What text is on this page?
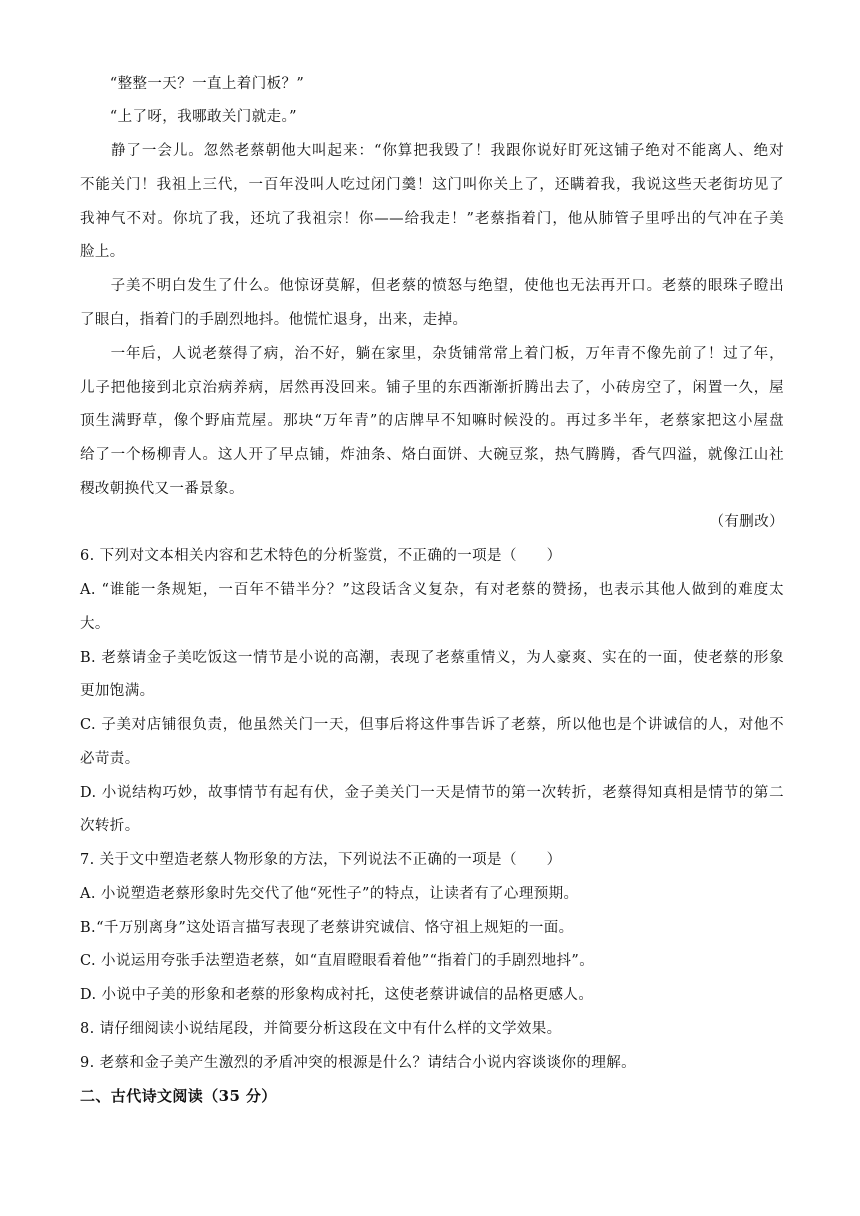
　　“整整一天？一直上着门板？”
　　“上了呀，我哪敢关门就走。”
　　静了一会儿。忽然老蔡朝他大叫起来：“你算把我毁了！我跟你说好盯死这铺子绝对不能离人、绝对
不能关门！我祖上三代，一百年没叫人吃过闭门羹！这门叫你关上了，还瞒着我，我说这些天老街坊见了
我神气不对。你坑了我，还坑了我祖宗！你——给我走！”老蔡指着门，他从肺管子里呼出的气冲在子美
脸上。
　　子美不明白发生了什么。他惊讶莫解，但老蔡的愤怒与绝望，使他也无法再开口。老蔡的眼珠子瞪出
了眼白，指着门的手剧烈地抖。他慌忙退身，出来，走掉。
　　一年后，人说老蔡得了病，治不好，躺在家里，杂货铺常常上着门板，万年青不像先前了！过了年，
儿子把他接到北京治病养病，居然再没回来。铺子里的东西渐渐折腾出去了，小砖房空了，闲置一久，屋
顶生满野草，像个野庙荒屋。那块“万年青”的店牌早不知嘛时候没的。再过多半年，老蔡家把这小屋盘
给了一个杨柳青人。这人开了早点铺，炸油条、烙白面饼、大碗豆浆，热气腾腾，香气四溢，就像江山社
稷改朝换代又一番景象。
（有删改）
6. 下列对文本相关内容和艺术特色的分析鉴赏，不正确的一项是（　　）
A. “谁能一条规矩，一百年不错半分？”这段话含义复杂，有对老蔡的赞扬，也表示其他人做到的难度太
大。
B. 老蔡请金子美吃饭这一情节是小说的高潮，表现了老蔡重情义，为人豪爽、实在的一面，使老蔡的形象
更加饱满。
C. 子美对店铺很负责，他虽然关门一天，但事后将这件事告诉了老蔡，所以他也是个讲诚信的人，对他不
必苛责。
D. 小说结构巧妙，故事情节有起有伏，金子美关门一天是情节的第一次转折，老蔡得知真相是情节的第二
次转折。
7. 关于文中塑造老蔡人物形象的方法，下列说法不正确的一项是（　　）
A. 小说塑造老蔡形象时先交代了他“死性子”的特点，让读者有了心理预期。
B.“千万别离身”这处语言描写表现了老蔡讲究诚信、恪守祖上规矩的一面。
C. 小说运用夸张手法塑造老蔡，如“直眉瞪眼看着他”“指着门的手剧烈地抖”。
D. 小说中子美的形象和老蔡的形象构成衬托，这使老蔡讲诚信的品格更感人。
8. 请仔细阅读小说结尾段，并简要分析这段在文中有什么样的文学效果。
9. 老蔡和金子美产生激烈的矛盾冲突的根源是什么？请结合小说内容谈谈你的理解。
二、古代诗文阅读（35 分）
